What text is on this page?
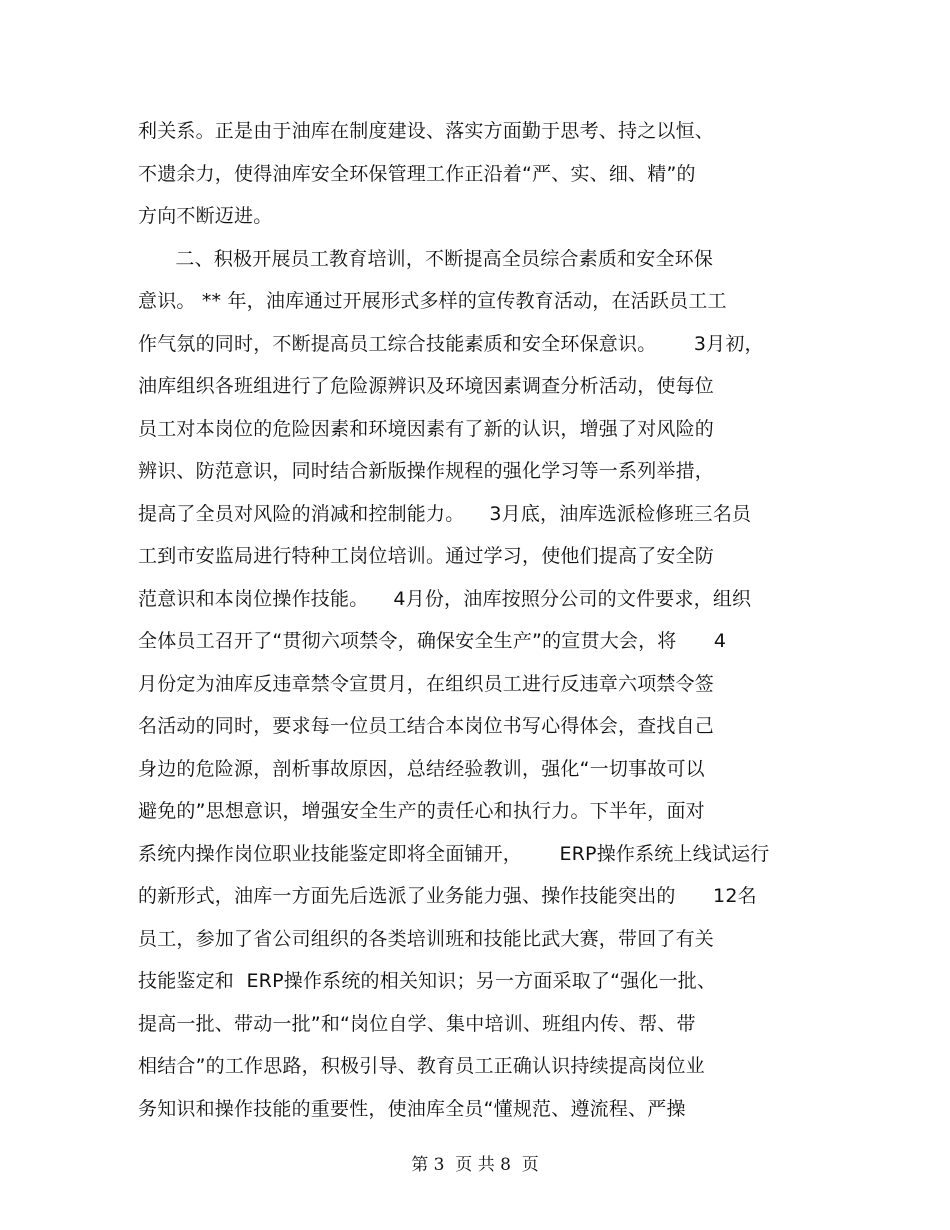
利关系。正是由于油库在制度建设、落实方面勤于思考、持之以恒、
不遗余力，使得油库安全环保管理工作正沿着“严、实、细、精”的
方向不断迈进。
二、积极开展员工教育培训，不断提高全员综合素质和安全环保
意识。 ** 年，油库通过开展形式多样的宣传教育活动，在活跃员工工
作气氛的同时，不断提高员工综合技能素质和安全环保意识。      3月初，
油库组织各班组进行了危险源辨识及环境因素调查分析活动，使每位
员工对本岗位的危险因素和环境因素有了新的认识，增强了对风险的
辨识、防范意识，同时结合新版操作规程的强化学习等一系列举措，
提高了全员对风险的消减和控制能力。    3月底，油库选派检修班三名员
工到市安监局进行特种工岗位培训。通过学习，使他们提高了安全防
范意识和本岗位操作技能。    4月份，油库按照分公司的文件要求，组织
全体员工召开了“贯彻六项禁令，确保安全生产”的宣贯大会，将      4
月份定为油库反违章禁令宣贯月，在组织员工进行反违章六项禁令签
名活动的同时，要求每一位员工结合本岗位书写心得体会，查找自己
身边的危险源，剖析事故原因，总结经验教训，强化“一切事故可以
避免的”思想意识，增强安全生产的责任心和执行力。下半年，面对
系统内操作岗位职业技能鉴定即将全面铺开，      ERP操作系统上线试运行
的新形式，油库一方面先后选派了业务能力强、操作技能突出的      12名
员工，参加了省公司组织的各类培训班和技能比武大赛，带回了有关
技能鉴定和  ERP操作系统的相关知识；另一方面采取了“强化一批、
提高一批、带动一批”和“岗位自学、集中培训、班组内传、帮、带
相结合”的工作思路，积极引导、教育员工正确认识持续提高岗位业
务知识和操作技能的重要性，使油库全员“懂规范、遵流程、严操
第 3  页 共 8  页
